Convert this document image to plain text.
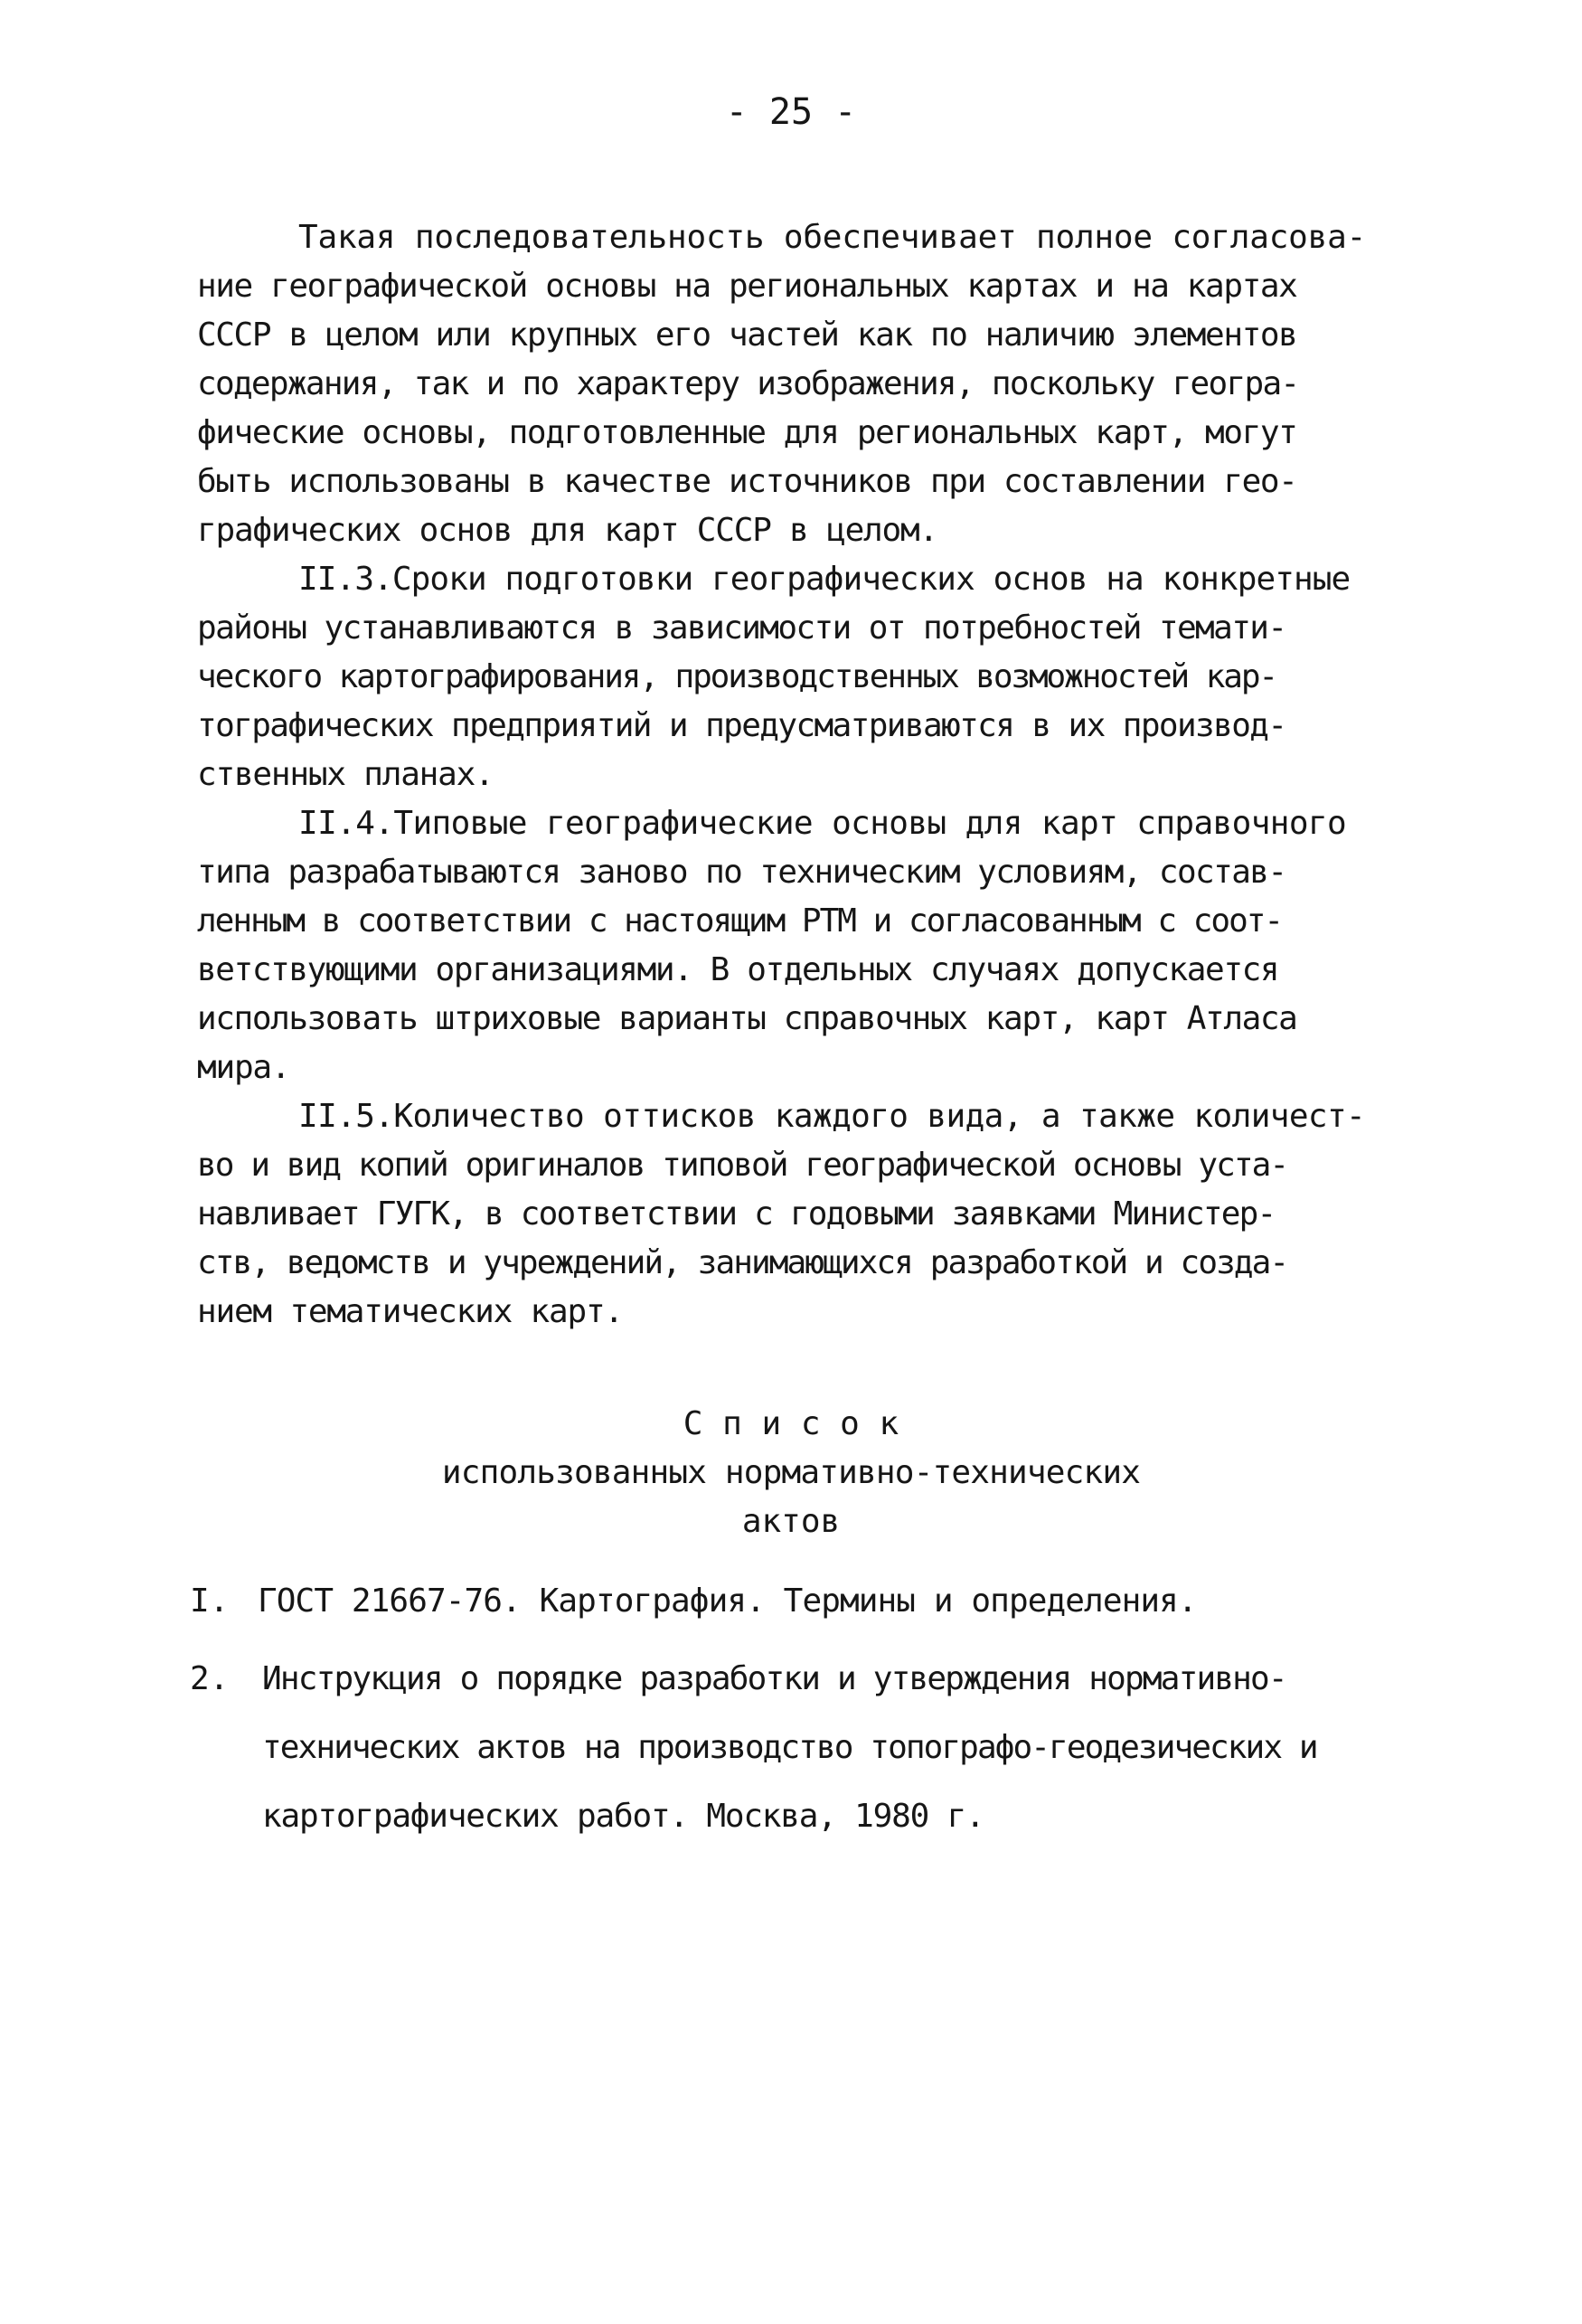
- 25 -

Такая последовательность обеспечивает полное согласова-

ние географической основы на региональных картах и на картах

СССР в целом или крупных его частей как по наличию элементов

содержания, так и по характеру изображения, поскольку геогра-

фические основы, подготовленные для региональных карт, могут

быть использованы в качестве источников при составлении гео-

графических основ для карт СССР в целом.

II.3.Сроки подготовки географических основ на конкретные

районы устанавливаются в зависимости от потребностей темати-

ческого картографирования, производственных возможностей кар-

тографических предприятий и предусматриваются в их производ-

ственных планах.

II.4.Типовые географические основы для карт справочного

типа разрабатываются заново по техническим условиям, состав-

ленным в соответствии с настоящим РТМ и согласованным с соот-

ветствующими организациями. В отдельных случаях допускается

использовать штриховые варианты справочных карт, карт Атласа

мира.

II.5.Количество оттисков каждого вида, а также количест-

во и вид копий оригиналов типовой географической основы уста-

навливает ГУГК, в соответствии с годовыми заявками Министер-

ств, ведомств и учреждений, занимающихся разработкой и созда-

нием тематических карт.

С п и с о к

использованных нормативно-технических

актов

I. ГОСТ 21667-76. Картография. Термины и определения.
2. Инструкция о порядке разработки и утверждения нормативно-
технических актов на производство топографо-геодезических и
картографических работ. Москва, 1980 г.
